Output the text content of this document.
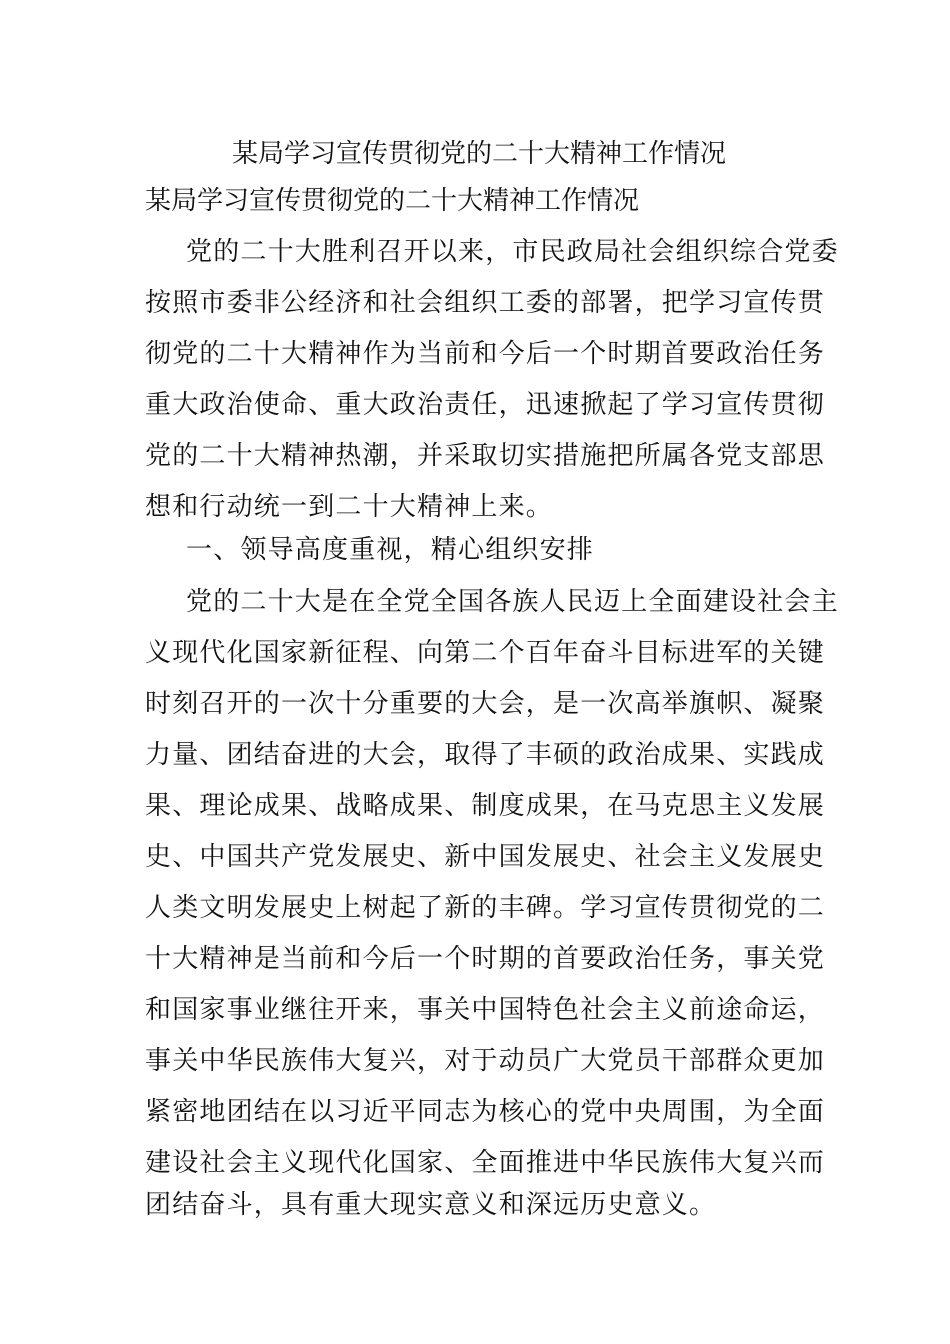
某局学习宣传贯彻党的二十大精神工作情况
某局学习宣传贯彻党的二十大精神工作情况
党的二十大胜利召开以来，市民政局社会组织综合党委
按照市委非公经济和社会组织工委的部署，把学习宣传贯
彻党的二十大精神作为当前和今后一个时期首要政治任务
重大政治使命、重大政治责任，迅速掀起了学习宣传贯彻
党的二十大精神热潮，并采取切实措施把所属各党支部思
想和行动统一到二十大精神上来。
一、领导高度重视，精心组织安排
党的二十大是在全党全国各族人民迈上全面建设社会主
义现代化国家新征程、向第二个百年奋斗目标进军的关键
时刻召开的一次十分重要的大会，是一次高举旗帜、凝聚
力量、团结奋进的大会，取得了丰硕的政治成果、实践成
果、理论成果、战略成果、制度成果，在马克思主义发展
史、中国共产党发展史、新中国发展史、社会主义发展史
人类文明发展史上树起了新的丰碑。学习宣传贯彻党的二
十大精神是当前和今后一个时期的首要政治任务，事关党
和国家事业继往开来，事关中国特色社会主义前途命运，
事关中华民族伟大复兴，对于动员广大党员干部群众更加
紧密地团结在以习近平同志为核心的党中央周围，为全面
建设社会主义现代化国家、全面推进中华民族伟大复兴而
团结奋斗，具有重大现实意义和深远历史意义。
